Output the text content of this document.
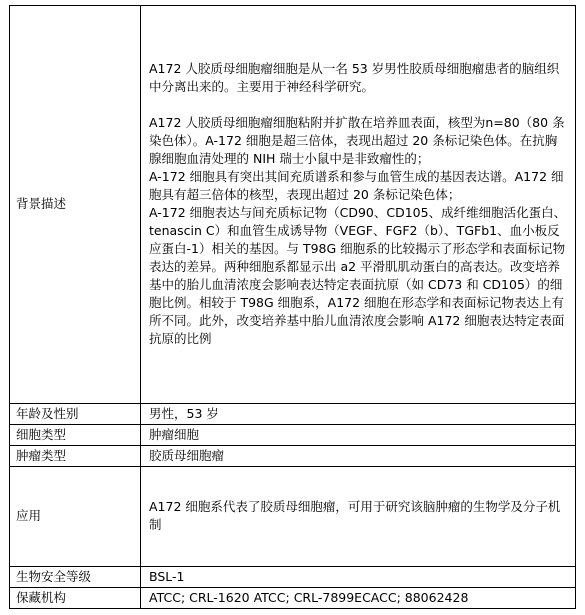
背景描述	A172 人胶质母细胞瘤细胞是从一名 53 岁男性胶质母细胞瘤患者的脑组织中分离出来的。主要用于神经科学研究。

A172 人胶质母细胞瘤细胞粘附并扩散在培养皿表面，核型为n=80（80 条染色体）。A-172 细胞是超三倍体，表现出超过 20 条标记染色体。在抗胸腺细胞血清处理的 NIH 瑞士小鼠中是非致瘤性的；

A-172 细胞具有突出其间充质谱系和参与血管生成的基因表达谱。A172 细胞具有超三倍体的核型，表现出超过 20 条标记染色体；

A-172 细胞表达与间充质标记物（CD90、CD105、成纤维细胞活化蛋白、tenascin C）和血管生成诱导物（VEGF、FGF2（b）、TGFb1、血小板反应蛋白-1）相关的基因。与 T98G 细胞系的比较揭示了形态学和表面标记物表达的差异。两种细胞系都显示出 a2 平滑肌肌动蛋白的高表达。改变培养基中的胎儿血清浓度会影响表达特定表面抗原（如 CD73 和 CD105）的细胞比例。相较于 T98G 细胞系，A172 细胞在形态学和表面标记物表达上有所不同。此外，改变培养基中胎儿血清浓度会影响 A172 细胞表达特定表面抗原的比例

年龄及性别	男性，53 岁
细胞类型	肿瘤细胞
肿瘤类型	胶质母细胞瘤
应用	A172 细胞系代表了胶质母细胞瘤，可用于研究该脑肿瘤的生物学及分子机制
生物安全等级	BSL-1
保藏机构	ATCC; CRL-1620 ATCC; CRL-7899ECACC; 88062428
